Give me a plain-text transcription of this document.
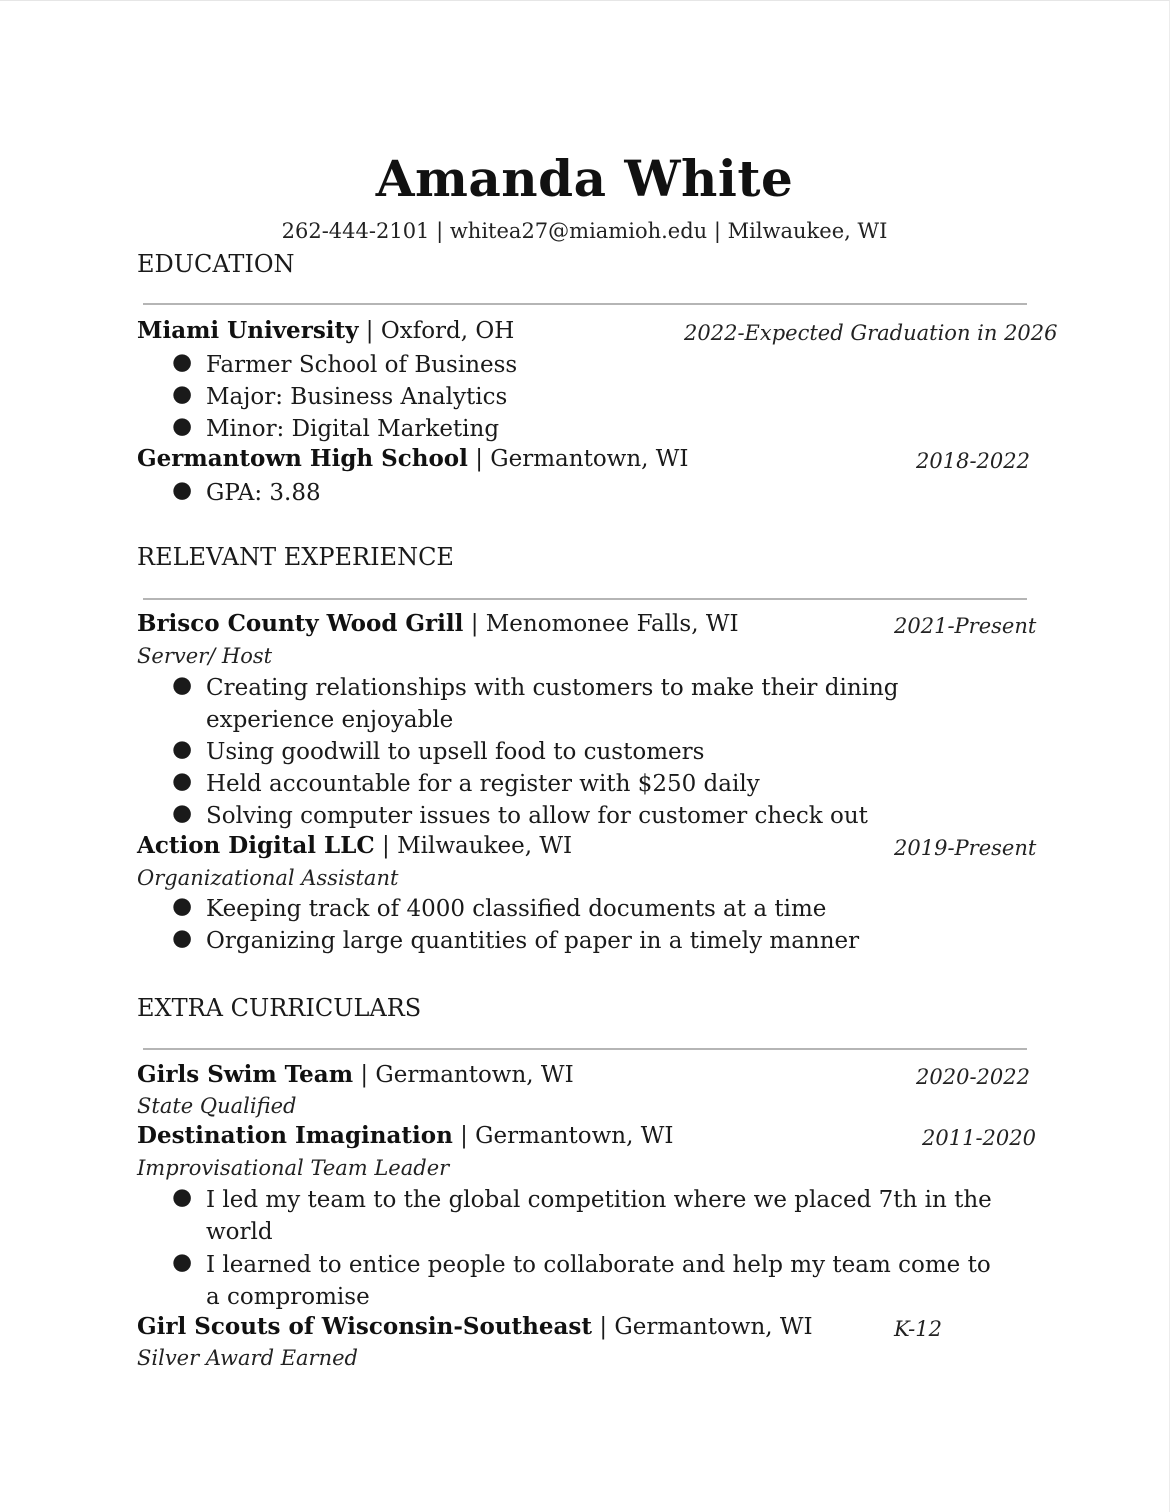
Amanda White
262-444-2101 | whitea27@miamioh.edu | Milwaukee, WI
EDUCATION
Miami University | Oxford, OH	2022-Expected Graduation in 2026
● Farmer School of Business
● Major: Business Analytics
● Minor: Digital Marketing
Germantown High School | Germantown, WI	2018-2022
● GPA: 3.88
RELEVANT EXPERIENCE
Brisco County Wood Grill | Menomonee Falls, WI	2021-Present
Server/ Host
● Creating relationships with customers to make their dining experience enjoyable
● Using goodwill to upsell food to customers
● Held accountable for a register with $250 daily
● Solving computer issues to allow for customer check out
Action Digital LLC | Milwaukee, WI	2019-Present
Organizational Assistant
● Keeping track of 4000 classified documents at a time
● Organizing large quantities of paper in a timely manner
EXTRA CURRICULARS
Girls Swim Team | Germantown, WI	2020-2022
State Qualified
Destination Imagination | Germantown, WI	2011-2020
Improvisational Team Leader
● I led my team to the global competition where we placed 7th in the world
● I learned to entice people to collaborate and help my team come to a compromise
Girl Scouts of Wisconsin-Southeast | Germantown, WI	K-12
Silver Award Earned
